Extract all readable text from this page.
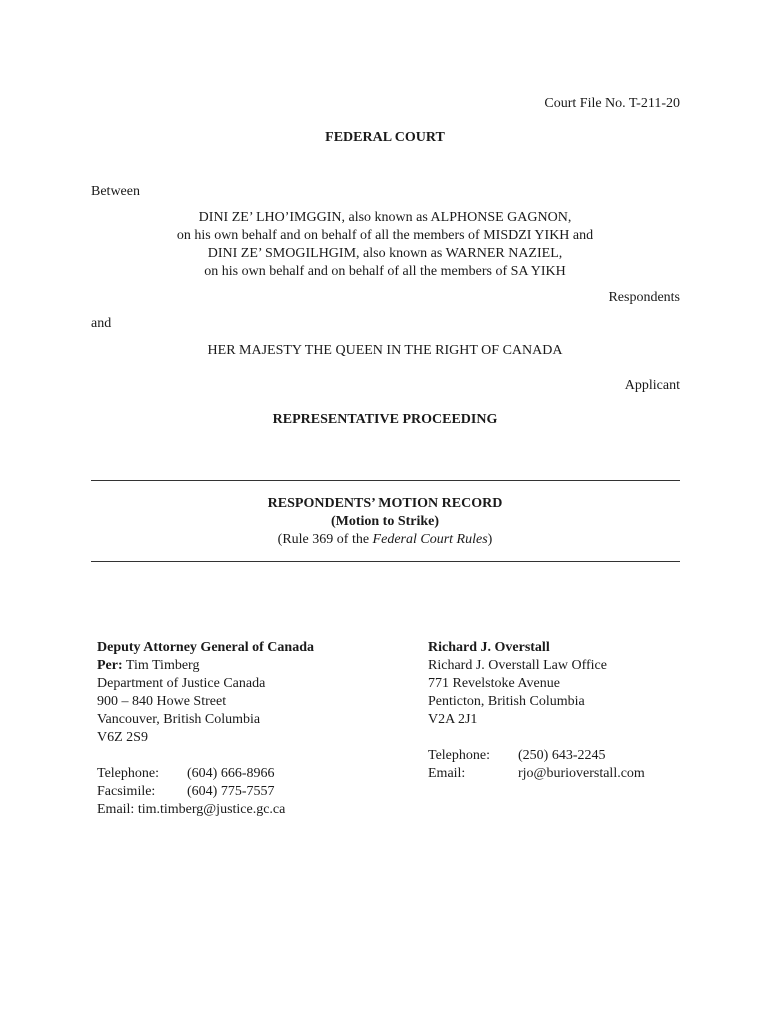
Court File No. T-211-20
FEDERAL COURT
Between
DINI ZE’ LHO’IMGGIN, also known as ALPHONSE GAGNON,
on his own behalf and on behalf of all the members of MISDZI YIKH and
DINI ZE’ SMOGILHGIM, also known as WARNER NAZIEL,
on his own behalf and on behalf of all the members of SA YIKH
Respondents
and
HER MAJESTY THE QUEEN IN THE RIGHT OF CANADA
Applicant
REPRESENTATIVE PROCEEDING
RESPONDENTS’ MOTION RECORD
(Motion to Strike)
(Rule 369 of the Federal Court Rules)
Deputy Attorney General of Canada
Per: Tim Timberg
Department of Justice Canada
900 – 840 Howe Street
Vancouver, British Columbia
V6Z 2S9
Telephone: (604) 666-8966
Facsimile: (604) 775-7557
Email: tim.timberg@justice.gc.ca
Richard J. Overstall
Richard J. Overstall Law Office
771 Revelstoke Avenue
Penticton, British Columbia
V2A 2J1
Telephone: (250) 643-2245
Email:	rjo@burioverstall.com
